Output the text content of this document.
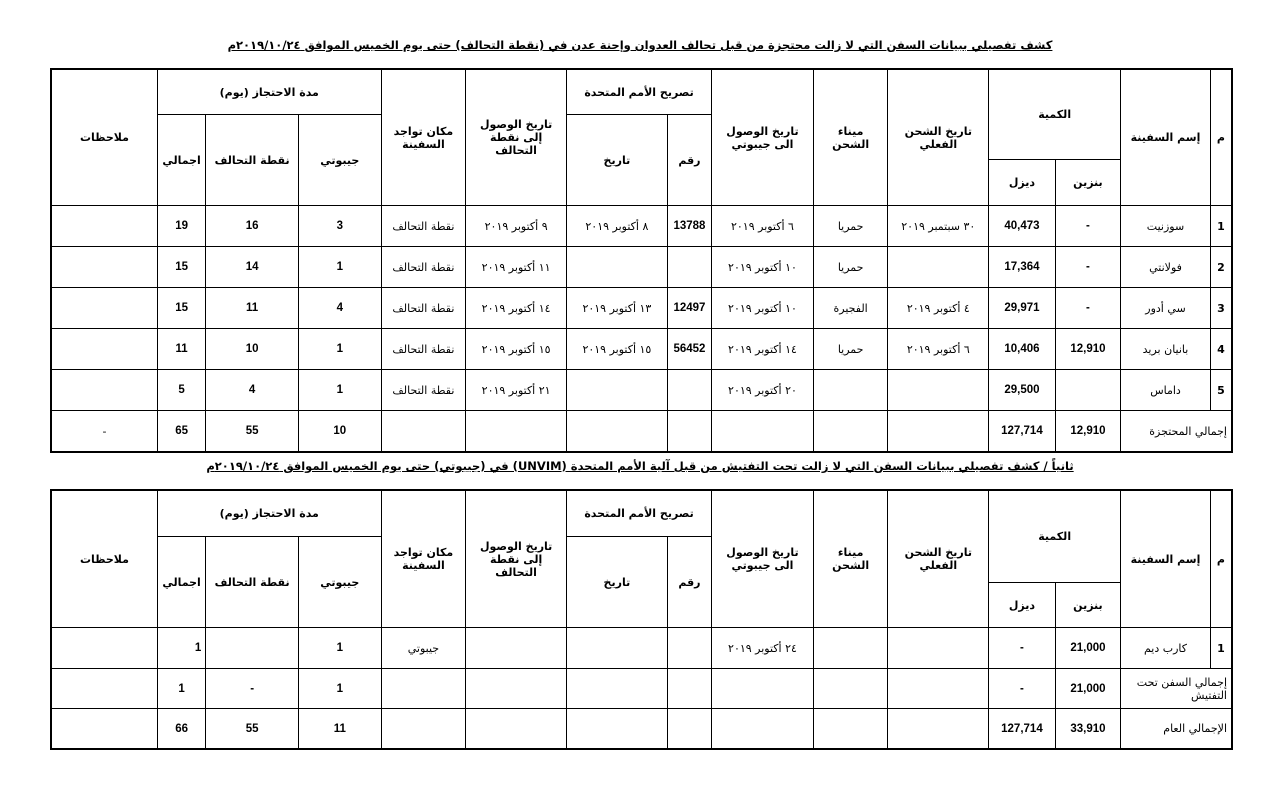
كشف تفصيلي ببيانات السفن التي لا زالت محتجزة من قبل تحالف العدوان وإحنة عدن في (نقطة التحالف) حتى يوم الخميس الموافق ٢٠١٩/١٠/٢٤م
م	إسم السفينة	الكمية		تاريخ الشحن الفعلي	ميناء الشحن	تاريخ الوصول الى جيبوتي	تصريح الأمم المتحدة		تاريخ الوصول إلى نقطة التحالف	مكان تواجد السفينة	مدة الاحتجاز (يوم)			ملاحظات
							رقم	تاريخ			جيبوتي	نقطة التحالف	اجمالي	
		بنزين	ديزل											
1	سوزنيت	-	40,473	٣٠ سبتمبر ٢٠١٩	حمريا	٦ أكتوبر ٢٠١٩	13788	٨ أكتوبر ٢٠١٩	٩ أكتوبر ٢٠١٩	نقطة التحالف	3	16	19	
2	فولانتي	-	17,364		حمريا	١٠ أكتوبر ٢٠١٩			١١ أكتوبر ٢٠١٩	نقطة التحالف	1	14	15	
3	سي أدور	-	29,971	٤ أكتوبر ٢٠١٩	الفجيرة	١٠ أكتوبر ٢٠١٩	12497	١٣ أكتوبر ٢٠١٩	١٤ أكتوبر ٢٠١٩	نقطة التحالف	4	11	15	
4	بانيان بريد	12,910	10,406	٦ أكتوبر ٢٠١٩	حمريا	١٤ أكتوبر ٢٠١٩	56452	١٥ أكتوبر ٢٠١٩	١٥ أكتوبر ٢٠١٩	نقطة التحالف	1	10	11	
5	داماس		29,500			٢٠ أكتوبر ٢٠١٩			٢١ أكتوبر ٢٠١٩	نقطة التحالف	1	4	5	
إجمالي المحتجزة		12,910	127,714								10	55	65	-
ثانياً / كشف تفصيلي ببيانات السفن التي لا زالت تحت التفتيش من قبل آلية الأمم المتحدة (UNVIM) في (جيبوتي) حتى يوم الخميس الموافق ٢٠١٩/١٠/٢٤م
م	إسم السفينة	الكمية		تاريخ الشحن الفعلي	ميناء الشحن	تاريخ الوصول الى جيبوتي	تصريح الأمم المتحدة		تاريخ الوصول إلى نقطة التحالف	مكان تواجد السفينة	مدة الاحتجاز (يوم)			ملاحظات
							رقم	تاريخ			جيبوتي	نقطة التحالف	اجمالي	
		بنزين	ديزل											
1	كارب ديم	21,000	-			٢٤ أكتوبر ٢٠١٩				جيبوتي	1		1	
إجمالي السفن تحت التفتيش		21,000	-								1	-	1	
الإجمالي العام		33,910	127,714								11	55	66	
